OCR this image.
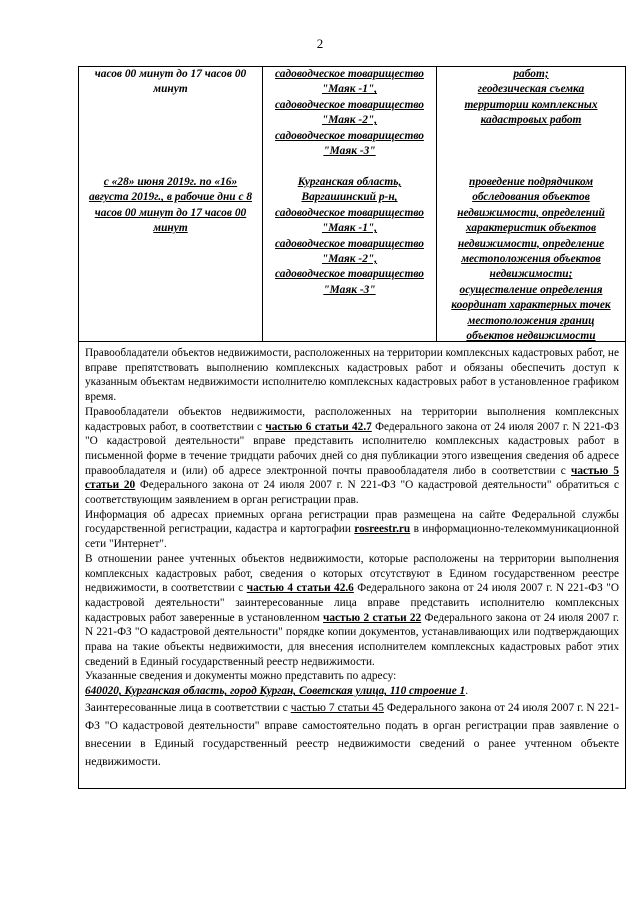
2
часов 00 минут до 17 часов 00 минут
садоводческое товарищество
"Маяк -1",
садоводческое товарищество
"Маяк -2",
садоводческое товарищество
"Маяк -3"
работ;
геодезическая съемка
территории комплексных
кадастровых работ
с «28» июня 2019г. по «16» августа 2019г., в рабочие дни с 8 часов 00 минут до 17 часов 00 минут
Курганская область,
Варгашинский р-н,
садоводческое товарищество
"Маяк -1",
садоводческое товарищество
"Маяк -2",
садоводческое товарищество
"Маяк -3"
проведение подрядчиком
обследования объектов
недвижимости, определений
характеристик объектов
недвижимости, определение
местоположения объектов
недвижимости;
осуществление определения
координат характерных точек
местоположения границ
объектов недвижимости

Правообладатели объектов недвижимости, расположенных на территории комплексных кадастровых работ, не вправе препятствовать выполнению комплексных кадастровых работ и обязаны обеспечить доступ к указанным объектам недвижимости исполнителю комплексных кадастровых работ в установленное графиком время.

Правообладатели объектов недвижимости, расположенных на территории выполнения комплексных кадастровых работ, в соответствии с частью 6 статьи 42.7 Федерального закона от 24 июля 2007 г. N 221-ФЗ "О кадастровой деятельности" вправе представить исполнителю комплексных кадастровых работ в письменной форме в течение тридцати рабочих дней со дня публикации этого извещения сведения об адресе правообладателя и (или) об адресе электронной почты правообладателя либо в соответствии с частью 5 статьи 20 Федерального закона от 24 июля 2007 г. N 221-ФЗ "О кадастровой деятельности" обратиться с соответствующим заявлением в орган регистрации прав.

Информация об адресах приемных органа регистрации прав размещена на сайте Федеральной службы государственной регистрации, кадастра и картографии rosreestr.ru в информационно-телекоммуникационной сети "Интернет".

В отношении ранее учтенных объектов недвижимости, которые расположены на территории выполнения комплексных кадастровых работ, сведения о которых отсутствуют в Едином государственном реестре недвижимости, в соответствии с частью 4 статьи 42.6 Федерального закона от 24 июля 2007 г. N 221-ФЗ "О кадастровой деятельности" заинтересованные лица вправе представить исполнителю комплексных кадастровых работ заверенные в установленном частью 2 статьи 22 Федерального закона от 24 июля 2007 г. N 221-ФЗ "О кадастровой деятельности" порядке копии документов, устанавливающих или подтверждающих права на такие объекты недвижимости, для внесения исполнителем комплексных кадастровых работ этих сведений в Единый государственный реестр недвижимости.

Указанные сведения и документы можно представить по адресу:

640020, Курганская область, город Курган, Советская улица, 110 строение 1.

Заинтересованные лица в соответствии с частью 7 статьи 45 Федерального закона от 24 июля 2007 г. N 221-ФЗ "О кадастровой деятельности" вправе самостоятельно подать в орган регистрации прав заявление о внесении в Единый государственный реестр недвижимости сведений о ранее учтенном объекте недвижимости.
